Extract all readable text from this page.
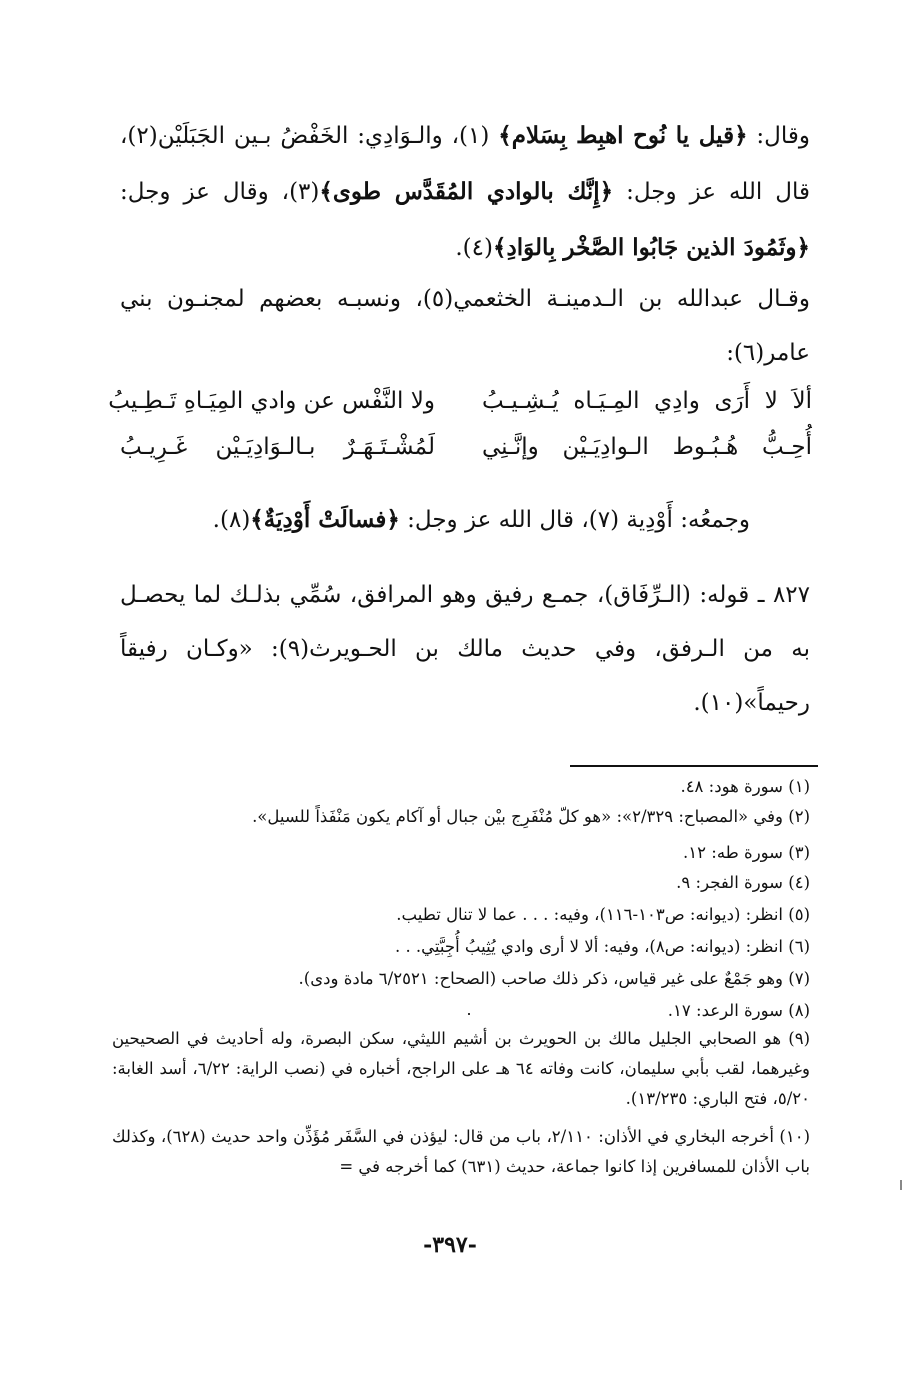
وقال: ﴿قيل يا نُوح اهبِط بِسَلام﴾ (١)، والـوَادِي: الخَفْضُ بـين الجَبَلَيْن(٢)، قال الله عز وجل: ﴿إِنَّك بالوادي المُقَدَّس طوى﴾(٣)، وقال عز وجل: ﴿وثَمُودَ الذين جَابُوا الصَّخْر بِالوَادِ﴾(٤).
وقـال عبدالله بن الـدمينـة الخثعمي(٥)، ونسبـه بعضهم لمجنـون بني عامر(٦):
ألاَ لا أَرَى وادِي المِـيَـاه يُـشِـيـبُ
ولا النَّفْس عن وادي المِيَـاهِ تَـطِـيبُ
أُحِـبُّ هُـبُـوط الـوادِيَـيْن وإنَّـنِي
لَمُشْـتَـهَـرٌ بـالـوَادِيَـيْن غَـرِيـبُ
وجمعُه: أَوْدِية (٧)، قال الله عز وجل: ﴿فسالَتْ أَوْدِيَةٌ﴾(٨).
٨٢٧ ـ قوله: (الـرِّفَاق)، جمـع رفيق وهو المرافق، سُمِّي بذلـك لما يحصـل به من الـرفق، وفي حديث مالك بن الحـويرث(٩): «وكـان رفيقاً رحيماً»(١٠).

(١) سورة هود: ٤٨.

(٢) وفي «المصباح: ٢/٣٢٩»: «هو كلّ مُنْفَرِج بيْن جبال أو آكام يكون مَنْفَذاً للسيل».

(٣) سورة طه: ١٢.

(٤) سورة الفجر: ٩.

(٥) انظر: (ديوانه: ص١٠٣-١١٦)، وفيه: . . . عما لا تنال تطيب.

(٦) انظر: (ديوانه: ص٨)، وفيه: ألا لا أرى وادي يُثِيبُ أُجِبَّتِي. . .

(٧) وهو جَمْعٌ على غير قياس، ذكر ذلك صاحب (الصحاح: ٦/٢٥٢١ مادة ودى).

(٨) سورة الرعد: ١٧.

(٩) هو الصحابي الجليل مالك بن الحويرث بن أشيم الليثي، سكن البصرة، وله أحاديث في الصحيحين وغيرهما، لقب بأبي سليمان، كانت وفاته ٦٤ هـ على الراجح، أخباره في (نصب الراية: ٦/٢٢، أسد الغابة: ٥/٢٠، فتح الباري: ١٣/٢٣٥).

(١٠) أخرجه البخاري في الأذان: ٢/١١٠، باب من قال: ليؤذن في السَّفَر مُؤَذِّن واحد حديث (٦٢٨)، وكذلك باب الأذان للمسافرين إذا كانوا جماعة، حديث (٦٣١) كما أخرجه في =

-٣٩٧-
